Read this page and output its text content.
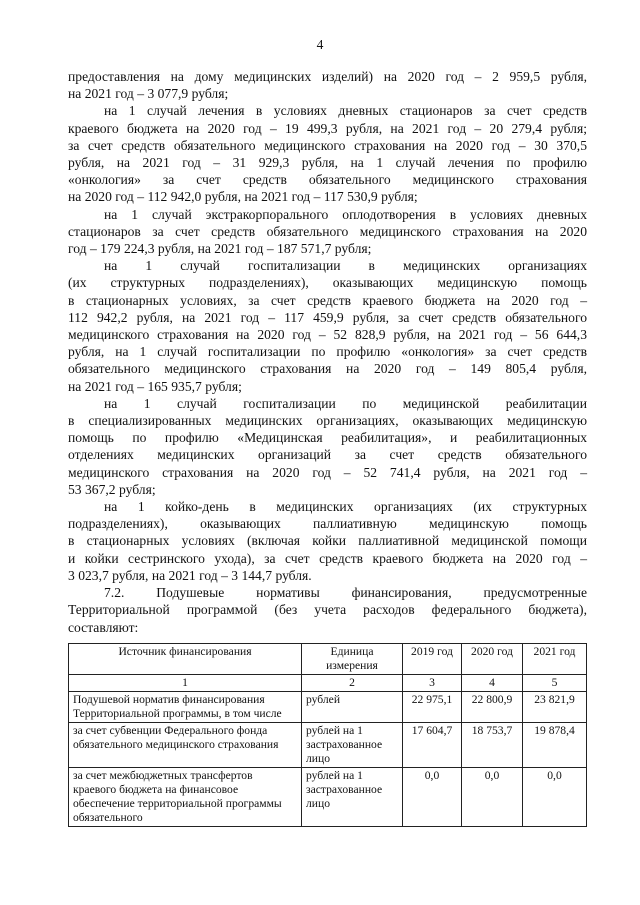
4
предоставления на дому медицинских изделий) на 2020 год – 2 959,5 рубля,
на 2021 год – 3 077,9 рубля;
на 1 случай лечения в условиях дневных стационаров за счет средств
краевого бюджета на 2020 год – 19 499,3 рубля, на 2021 год – 20 279,4 рубля;
за счет средств обязательного медицинского страхования на 2020 год – 30 370,5
рубля, на 2021 год – 31 929,3 рубля, на 1 случай лечения по профилю
«онкология» за счет средств обязательного медицинского страхования
на 2020 год – 112 942,0 рубля, на 2021 год – 117 530,9 рубля;
на 1 случай экстракорпорального оплодотворения в условиях дневных
стационаров за счет средств обязательного медицинского страхования на 2020
год – 179 224,3 рубля, на 2021 год – 187 571,7 рубля;
на 1 случай госпитализации в медицинских организациях
(их структурных подразделениях), оказывающих медицинскую помощь
в стационарных условиях, за счет средств краевого бюджета на 2020 год –
112 942,2 рубля, на 2021 год – 117 459,9 рубля, за счет средств обязательного
медицинского страхования на 2020 год – 52 828,9 рубля, на 2021 год – 56 644,3
рубля, на 1 случай госпитализации по профилю «онкология» за счет средств
обязательного медицинского страхования на 2020 год – 149 805,4 рубля,
на 2021 год – 165 935,7 рубля;
на 1 случай госпитализации по медицинской реабилитации
в специализированных медицинских организациях, оказывающих медицинскую
помощь по профилю «Медицинская реабилитация», и реабилитационных
отделениях медицинских организаций за счет средств обязательного
медицинского страхования на 2020 год – 52 741,4 рубля, на 2021 год –
53 367,2 рубля;
на 1 койко-день в медицинских организациях (их структурных
подразделениях), оказывающих паллиативную медицинскую помощь
в стационарных условиях (включая койки паллиативной медицинской помощи
и койки сестринского ухода), за счет средств краевого бюджета на 2020 год –
3 023,7 рубля, на 2021 год – 3 144,7 рубля.
7.2. Подушевые нормативы финансирования, предусмотренные
Территориальной программой (без учета расходов федерального бюджета),
составляют:
Источник финансирования	Единица измерения	2019 год	2020 год	2021 год
1	2	3	4	5
Подушевой норматив финансирования Территориальной программы, в том числе	рублей	22 975,1	22 800,9	23 821,9
за счет субвенции Федерального фонда обязательного медицинского страхования	рублей на 1 застрахованное лицо	17 604,7	18 753,7	19 878,4
за счет межбюджетных трансфертов краевого бюджета на финансовое обеспечение территориальной программы обязательного	рублей на 1 застрахованное лицо	0,0	0,0	0,0
